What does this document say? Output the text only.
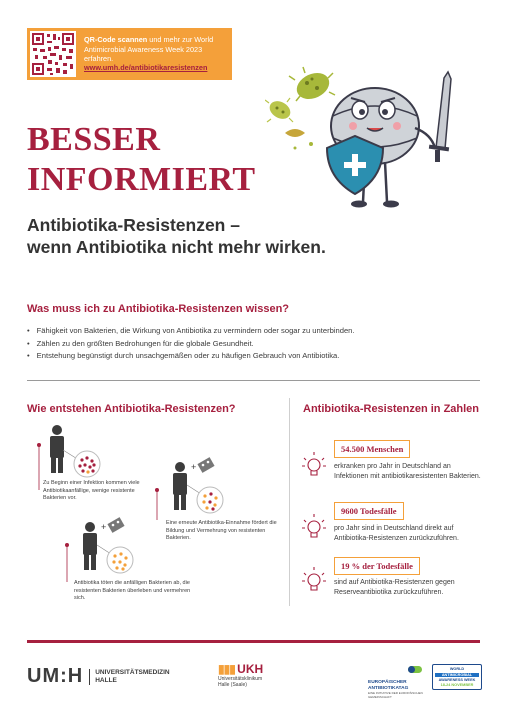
QR-Code scannen und mehr zur World Antimicrobial Awareness Week 2023 erfahren.
www.umh.de/antibiotikaresistenzen
BESSER
INFORMIERT
Antibiotika-Resistenzen –
wenn Antibiotika nicht mehr wirken.
Was muss ich zu Antibiotika-Resistenzen wissen?
• Fähigkeit von Bakterien, die Wirkung von Antibiotika zu vermindern oder sogar zu unterbinden.
• Zählen zu den größten Bedrohungen für die globale Gesundheit.
• Entstehung begünstigt durch unsachgemäßen oder zu häufigen Gebrauch von Antibiotika.
Wie entstehen Antibiotika-Resistenzen?
+
+
Zu Beginn einer Infektion kommen viele Antibiotikaanfällige, wenige resistente Bakterien vor.
Eine erneute Antibiotika-Einnahme fördert die Bildung und Vermehrung von resistenten Bakterien.
Antibiotika töten die anfälligen Bakterien ab, die resistenten Bakterien überleben und vermehren sich.
Antibiotika-Resistenzen in Zahlen
54.500 Menschen
erkranken pro Jahr in Deutschland an Infektionen mit antibiotikaresistenten Bakterien.
9600 Todesfälle
pro Jahr sind in Deutschland direkt auf Antibiotika-Resistenzen zurückzuführen.
19 % der Todesfälle
sind auf Antibiotika-Resistenzen gegen Reserveantibiotika zurückzuführen.
UM:H UNIVERSITÄTSMEDIZIN
HALLE
▮▮▮ UKH
Universitätsklinikum
Halle (Saale)	EUROPÄISCHER
ANTIBIOTIKATAG
EINE INITIATIVE DER EUROPÄISCHEN GEMEINSCHAFT
WORLD
ANTIMICROBIAL
AWARENESS WEEK
18-24 NOVEMBER
